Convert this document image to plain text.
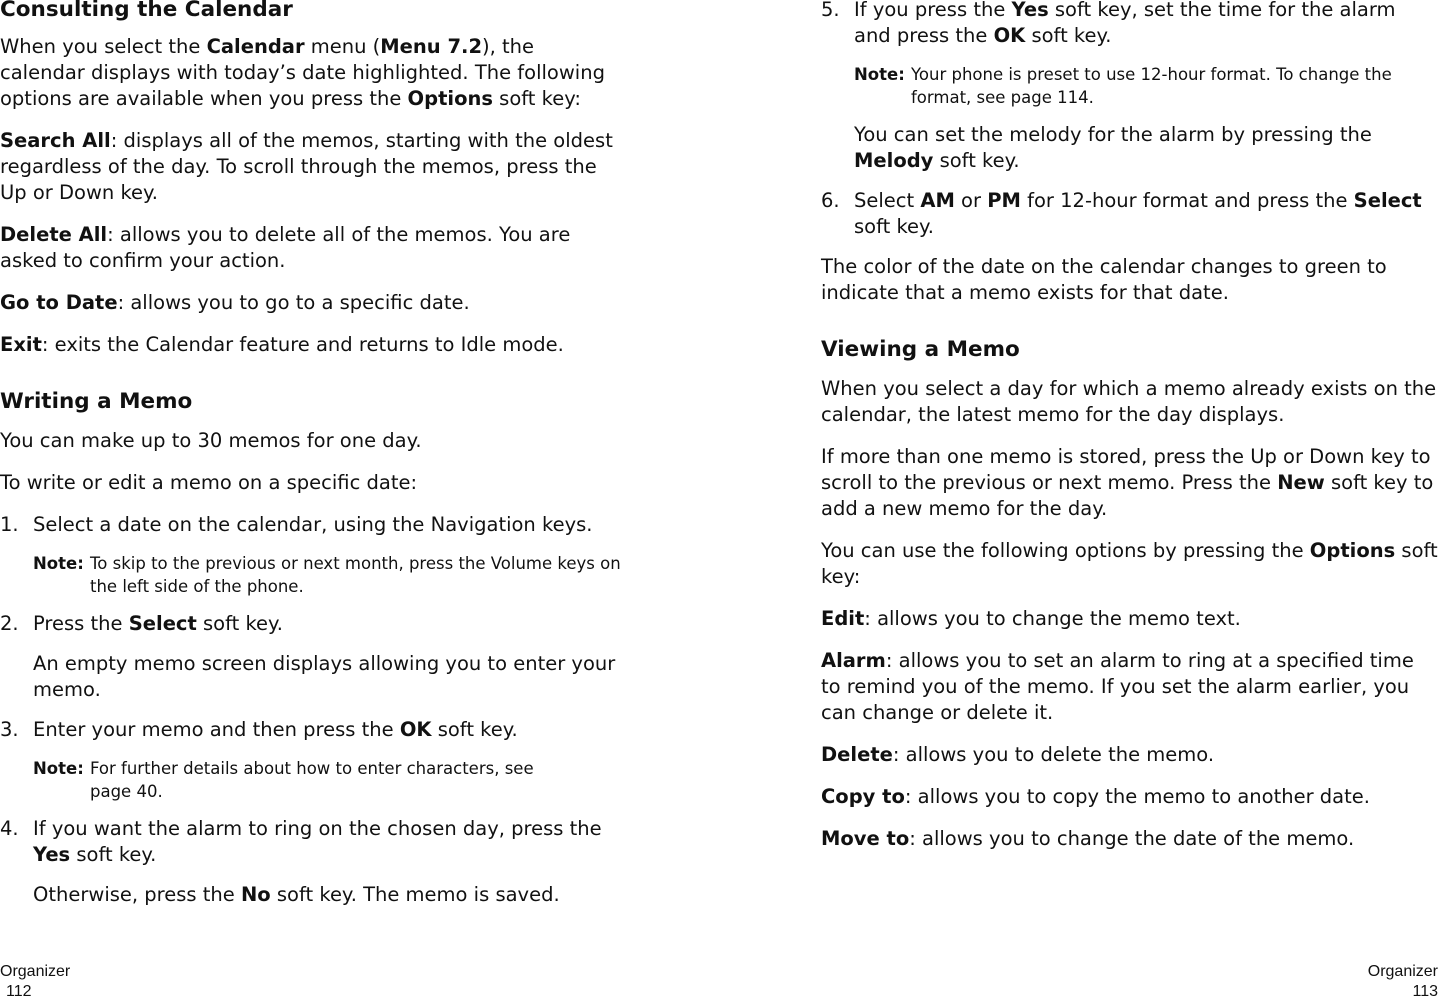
Consulting the Calendar

When you select the Calendar menu (Menu 7.2), the calendar displays with today’s date highlighted. The following options are available when you press the Options soft key:

Search All: displays all of the memos, starting with the oldest regardless of the day. To scroll through the memos, press the Up or Down key.

Delete All: allows you to delete all of the memos. You are asked to confirm your action.

Go to Date: allows you to go to a specific date.

Exit: exits the Calendar feature and returns to Idle mode.

Writing a Memo

You can make up to 30 memos for one day.

To write or edit a memo on a specific date:

1. Select a date on the calendar, using the Navigation keys.
Note: To skip to the previous or next month, press the Volume keys on the left side of the phone.
2. Press the Select soft key.

An empty memo screen displays allowing you to enter your memo.

3. Enter your memo and then press the OK soft key.
Note: For further details about how to enter characters, see page 40.
4. If you want the alarm to ring on the chosen day, press the Yes soft key.

Otherwise, press the No soft key. The memo is saved.

5. If you press the Yes soft key, set the time for the alarm and press the OK soft key.
Note: Your phone is preset to use 12-hour format. To change the format, see page 114.

You can set the melody for the alarm by pressing the Melody soft key.

6. Select AM or PM for 12-hour format and press the Select soft key.

The color of the date on the calendar changes to green to indicate that a memo exists for that date.

Viewing a Memo

When you select a day for which a memo already exists on the calendar, the latest memo for the day displays.

If more than one memo is stored, press the Up or Down key to scroll to the previous or next memo. Press the New soft key to add a new memo for the day.

You can use the following options by pressing the Options soft key:

Edit: allows you to change the memo text.

Alarm: allows you to set an alarm to ring at a specified time to remind you of the memo. If you set the alarm earlier, you can change or delete it.

Delete: allows you to delete the memo.

Copy to: allows you to copy the memo to another date.

Move to: allows you to change the date of the memo.

Organizer
112
Organizer
113
